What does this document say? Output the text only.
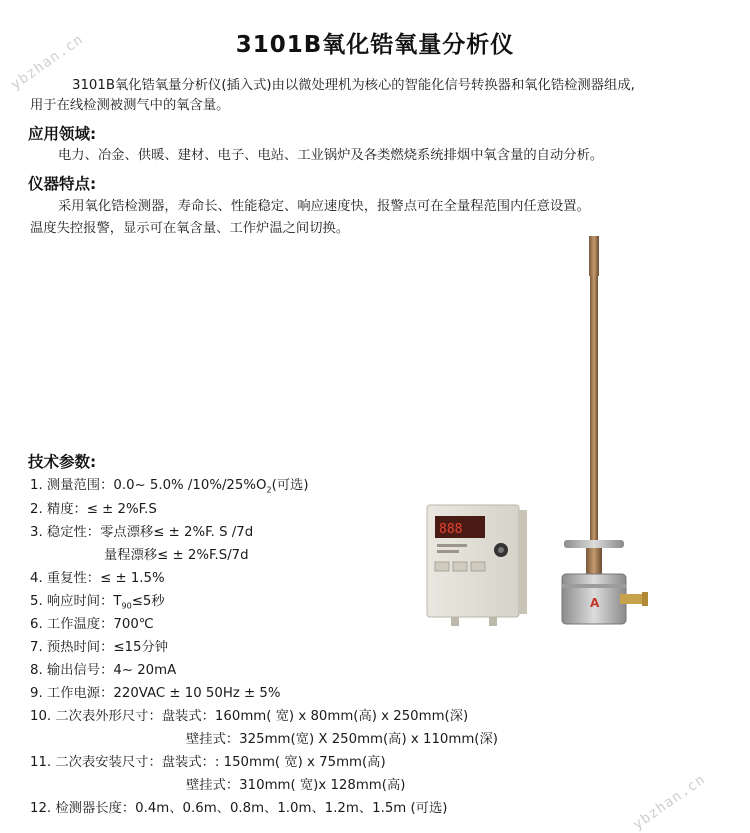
ybzhan.cn
ybzhan.cn
3101B氧化锆氧量分析仪
3101B氧化锆氧量分析仪(插入式)由以微处理机为核心的智能化信号转换器和氧化锆检测器组成,
用于在线检测被测气中的氧含量。
应用领域:
电力、冶金、供暖、建材、电子、电站、工业锅炉及各类燃烧系统排烟中氧含量的自动分析。
仪器特点:
采用氧化锆检测器，寿命长、性能稳定、响应速度快，报警点可在全量程范围内任意设置。
温度失控报警，显示可在氧含量、工作炉温之间切换。
技术参数:
1. 测量范围：0.0~ 5.0% $/10\%/25\%O_2$(可选)
2. 精度：≤ ± 2%F.S
3. 稳定性：零点漂移≤ ± 2%F. S /7d
量程漂移≤ ± 2%F.S/7d
4. 重复性：≤ ± 1.5%
5. 响应时间：$T_{90}\le 5$秒
6. 工作温度：700℃
7. 预热时间：≤15分钟
8. 输出信号：4~ 20mA
9. 工作电源：220VAC ± 10 50Hz ± 5%
10. 二次表外形尺寸：盘装式：160mm( 宽) x 80mm(高) x 250mm(深)
壁挂式：325mm(宽) X 250mm(高) x 110mm(深)
11. 二次表安装尺寸：盘装式：: 150mm( 宽) x 75mm(高)
壁挂式：310mm( 宽)x 128mm(高)
12. 检测器长度：0.4m、0.6m、0.8m、1.0m、1.2m、1.5m (可选)
888
A
